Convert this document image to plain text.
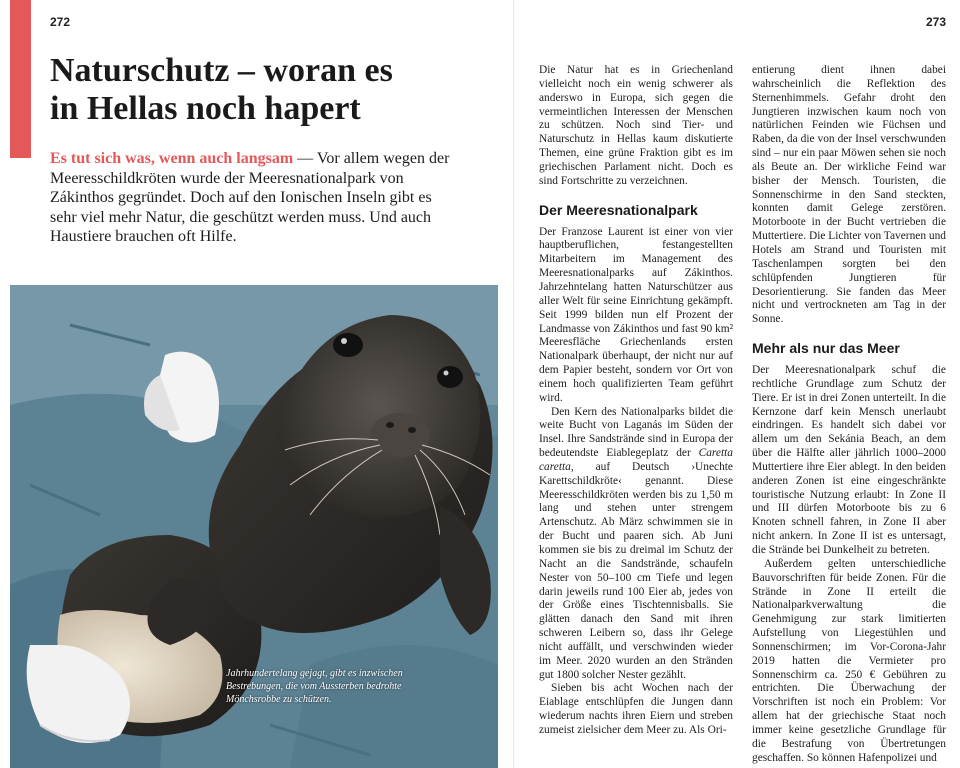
272
Naturschutz – woran es
in Hellas noch hapert

Es tut sich was, wenn auch langsam — Vor allem wegen der Meeresschildkröten wurde der Meeresnationalpark von Zákinthos gegründet. Doch auf den Ionischen Inseln gibt es sehr viel mehr Natur, die geschützt werden muss. Und auch Haustiere brauchen oft Hilfe.

Jahrhundertelang gejagt, gibt es inzwischen Bestrebungen, die vom Aussterben bedrohte Mönchsrobbe zu schützen.

273

Die Natur hat es in Griechenland vielleicht noch ein wenig schwerer als anderswo in Europa, sich gegen die vermeintlichen Interessen der Menschen zu schützen. Noch sind Tier- und Naturschutz in Hellas kaum diskutierte Themen, eine grüne Fraktion gibt es im griechischen Parlament nicht. Doch es sind Fortschritte zu verzeichnen.

Der Meeresnationalpark

Der Franzose Laurent ist einer von vier hauptberuflichen, festangestellten Mitarbeitern im Management des Meeresnationalparks auf Zákinthos. Jahrzehntelang hatten Naturschützer aus aller Welt für seine Einrichtung gekämpft. Seit 1999 bilden nun elf Prozent der Landmasse von Zákinthos und fast 90 km² Meeresfläche Griechenlands ersten Nationalpark überhaupt, der nicht nur auf dem Papier besteht, sondern vor Ort von einem hoch qualifizierten Team geführt wird.

Den Kern des Nationalparks bildet die weite Bucht von Laganás im Süden der Insel. Ihre Sandstrände sind in Europa der bedeutendste Eiablegeplatz der Caretta caretta, auf Deutsch ›Unechte Karettschildkröte‹ genannt. Diese Meeresschildkröten werden bis zu 1,50 m lang und stehen unter strengem Artenschutz. Ab März schwimmen sie in der Bucht und paaren sich. Ab Juni kommen sie bis zu dreimal im Schutz der Nacht an die Sandstrände, schaufeln Nester von 50–100 cm Tiefe und legen darin jeweils rund 100 Eier ab, jedes von der Größe eines Tischtennisballs. Sie glätten danach den Sand mit ihren schweren Leibern so, dass ihr Gelege nicht auffällt, und verschwinden wieder im Meer. 2020 wurden an den Stränden gut 1800 solcher Nester gezählt.

Sieben bis acht Wochen nach der Eiablage entschlüpfen die Jungen dann wiederum nachts ihren Eiern und streben zumeist zielsicher dem Meer zu. Als Ori-

entierung dient ihnen dabei wahrscheinlich die Reflektion des Sternenhimmels. Gefahr droht den Jungtieren inzwischen kaum noch von natürlichen Feinden wie Füchsen und Raben, da die von der Insel verschwunden sind – nur ein paar Möwen sehen sie noch als Beute an. Der wirkliche Feind war bisher der Mensch. Touristen, die Sonnenschirme in den Sand steckten, konnten damit Gelege zerstören. Motorboote in der Bucht vertrieben die Muttertiere. Die Lichter von Tavernen und Hotels am Strand und Touristen mit Taschenlampen sorgten bei den schlüpfenden Jungtieren für Desorientierung. Sie fanden das Meer nicht und vertrockneten am Tag in der Sonne.

Mehr als nur das Meer

Der Meeresnationalpark schuf die rechtliche Grundlage zum Schutz der Tiere. Er ist in drei Zonen unterteilt. In die Kernzone darf kein Mensch unerlaubt eindringen. Es handelt sich dabei vor allem um den Sekánia Beach, an dem über die Hälfte aller jährlich 1000–2000 Muttertiere ihre Eier ablegt. In den beiden anderen Zonen ist eine eingeschränkte touristische Nutzung erlaubt: In Zone II und III dürfen Motorboote bis zu 6 Knoten schnell fahren, in Zone II aber nicht ankern. In Zone II ist es untersagt, die Strände bei Dunkelheit zu betreten.

Außerdem gelten unterschiedliche Bauvorschriften für beide Zonen. Für die Strände in Zone II erteilt die Nationalparkverwaltung die Genehmigung zur stark limitierten Aufstellung von Liegestühlen und Sonnenschirmen; im Vor-Corona-Jahr 2019 hatten die Vermieter pro Sonnenschirm ca. 250 € Gebühren zu entrichten. Die Überwachung der Vorschriften ist noch ein Problem: Vor allem hat der griechische Staat noch immer keine gesetzliche Grundlage für die Bestrafung von Übertretungen geschaffen. So können Hafenpolizei und
